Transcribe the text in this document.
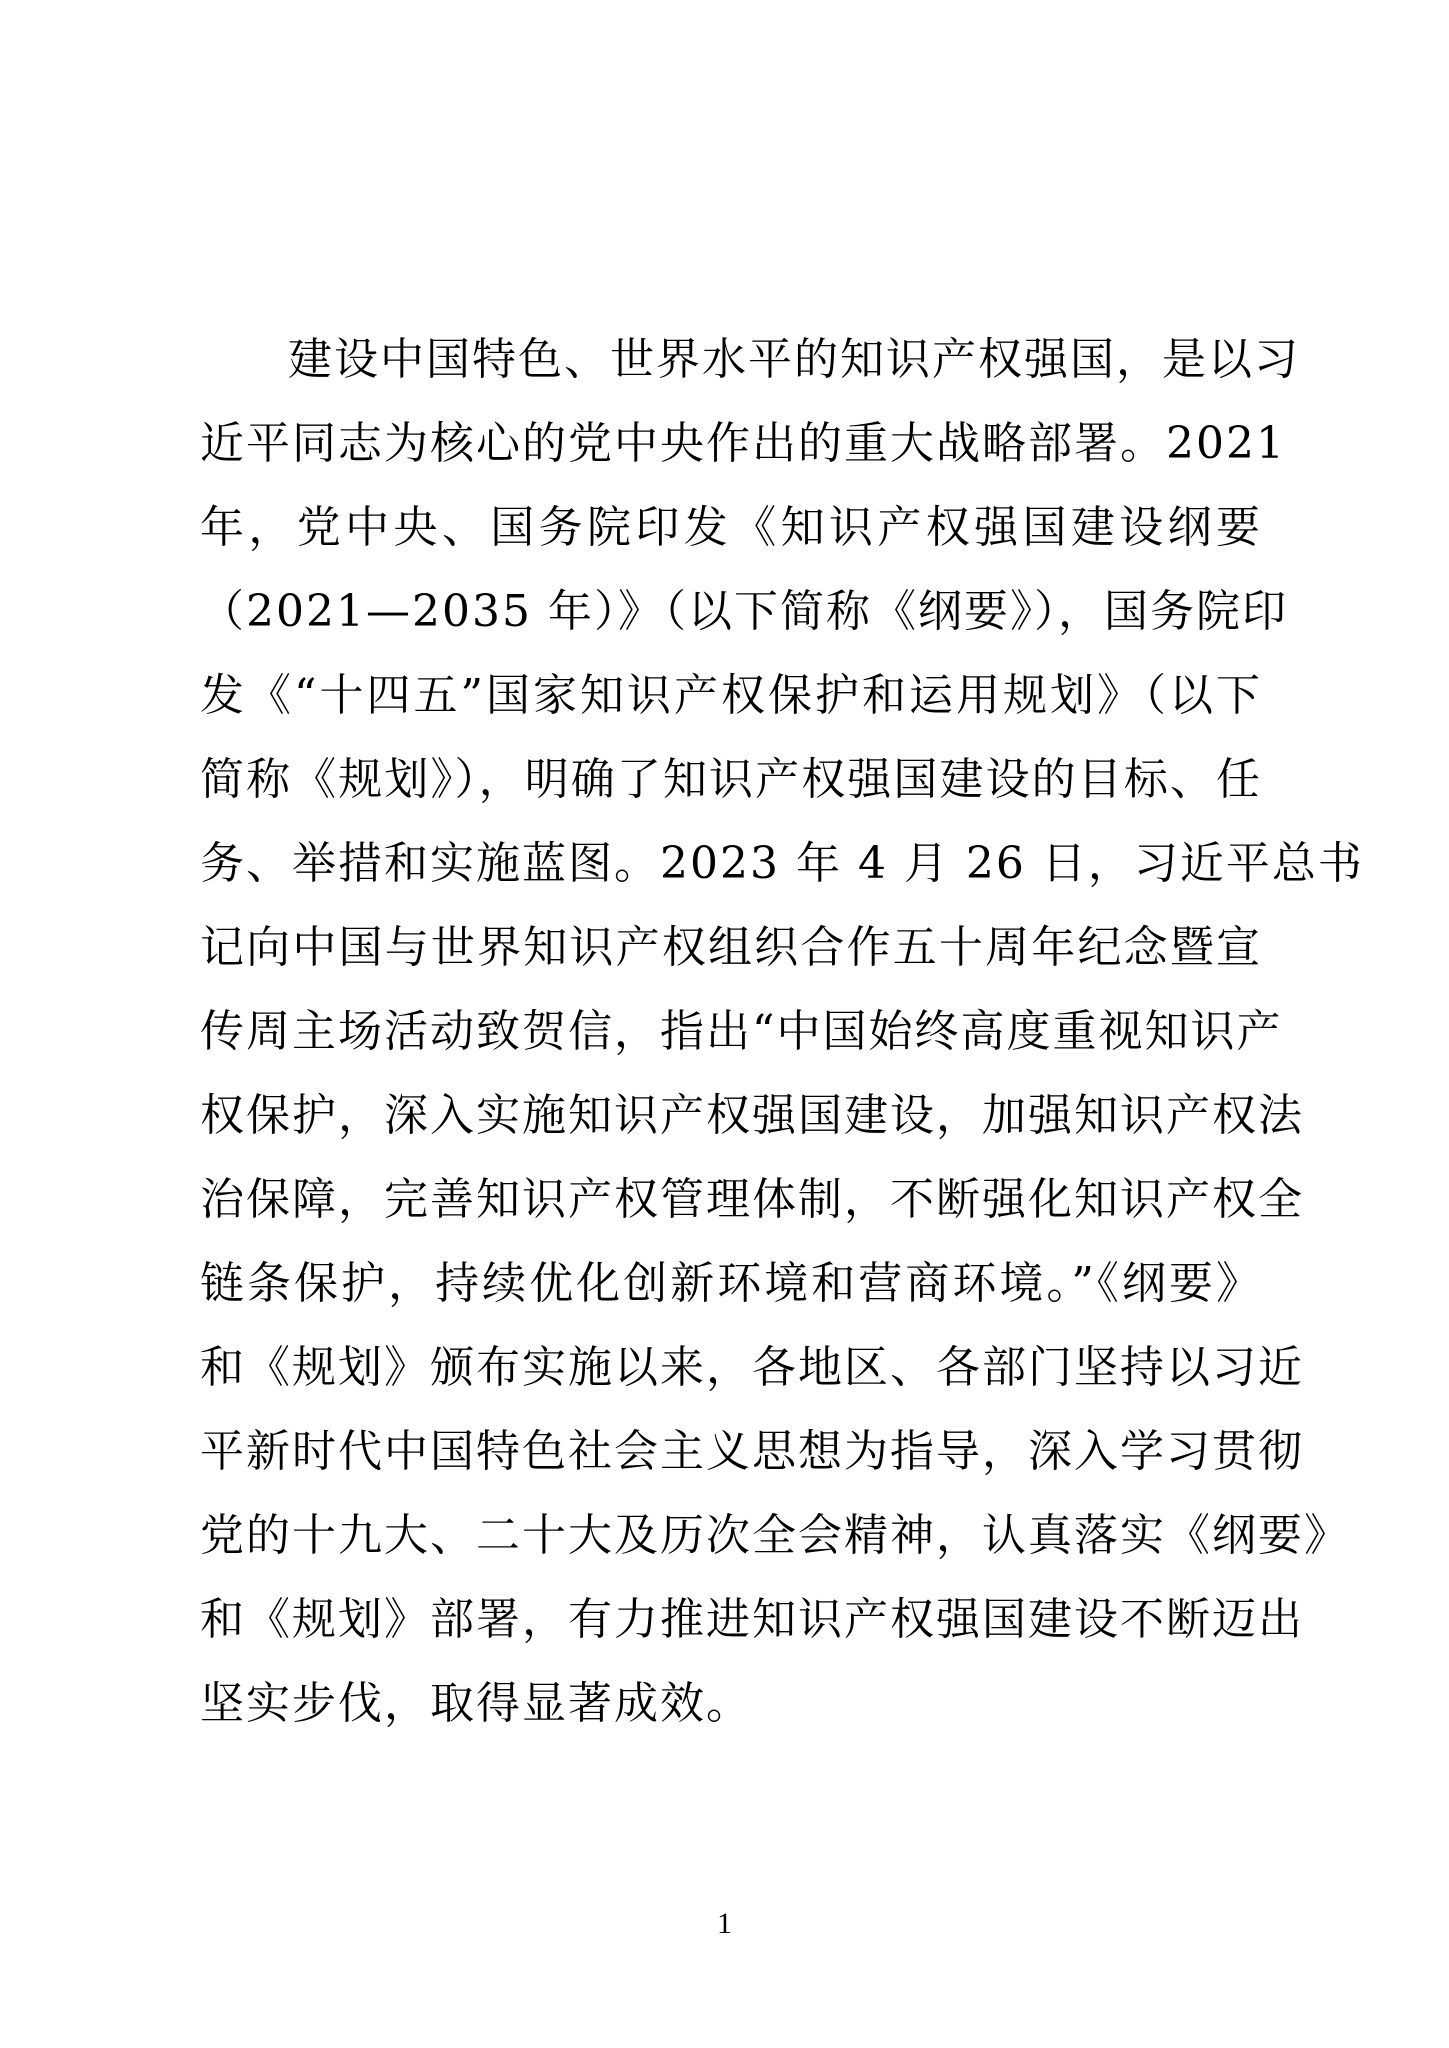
建设中国特色、世界水平的知识产权强国，是以习
近平同志为核心的党中央作出的重大战略部署。2021
年，党中央、国务院印发《知识产权强国建设纲要
（2021—2035 年）》（以下简称《纲要》），国务院印
发《“十四五”国家知识产权保护和运用规划》（以下
简称《规划》），明确了知识产权强国建设的目标、任
务、举措和实施蓝图。2023 年 4 月 26 日，习近平总书
记向中国与世界知识产权组织合作五十周年纪念暨宣
传周主场活动致贺信，指出“中国始终高度重视知识产
权保护，深入实施知识产权强国建设，加强知识产权法
治保障，完善知识产权管理体制，不断强化知识产权全
链条保护，持续优化创新环境和营商环境。”《纲要》
和《规划》颁布实施以来，各地区、各部门坚持以习近
平新时代中国特色社会主义思想为指导，深入学习贯彻
党的十九大、二十大及历次全会精神，认真落实《纲要》
和《规划》部署，有力推进知识产权强国建设不断迈出
坚实步伐，取得显著成效。

1
